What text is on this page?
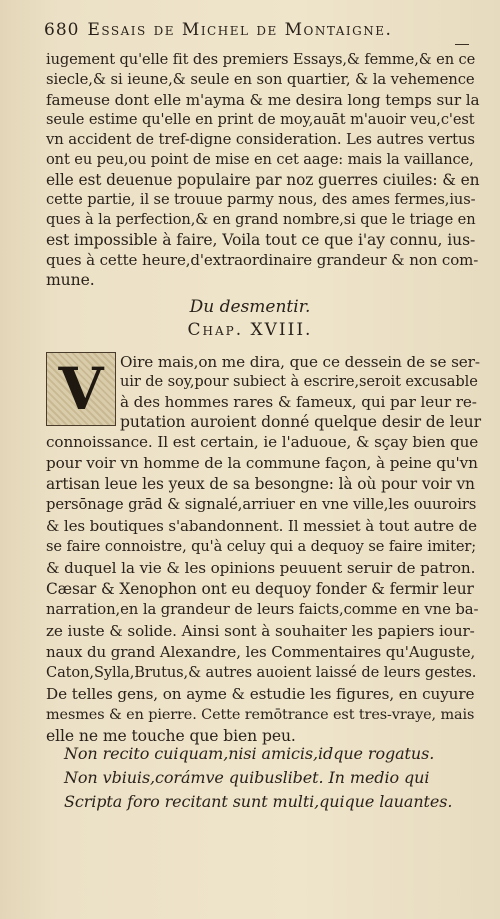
680 Essais de Michel de Montaigne.
iugement qu'elle fit des premiers Essays,& femme,& en ce
siecle,& si ieune,& seule en son quartier, & la vehemence
fameuse dont elle m'ayma & me desira long temps sur la
seule estime qu'elle en print de moy,auāt m'auoir veu,c'est
vn accident de tref-digne consideration. Les autres vertus
ont eu peu,ou point de mise en cet aage: mais la vaillance,
elle est deuenue populaire par noz guerres ciuiles: & en
cette partie, il se trouue parmy nous, des ames fermes,ius-
ques à la perfection,& en grand nombre,si que le triage en
est impossible à faire, Voila tout ce que i'ay connu, ius-
ques à cette heure,d'extraordinaire grandeur & non com-
mune.
Du desmentir.
Chap. XVIII.
V Oire mais,on me dira, que ce dessein de se ser-
uir de soy,pour subiect à escrire,seroit excusable
à des hommes rares & fameux, qui par leur re-
putation auroient donné quelque desir de leur
connoissance. Il est certain, ie l'aduoue, & sçay bien que
pour voir vn homme de la commune façon, à peine qu'vn
artisan leue les yeux de sa besongne: là où pour voir vn
persōnage grād & signalé,arriuer en vne ville,les ouuroirs
& les boutiques s'abandonnent. Il messiet à tout autre de
se faire connoistre, qu'à celuy qui a dequoy se faire imiter;
& duquel la vie & les opinions peuuent seruir de patron.
Cæsar & Xenophon ont eu dequoy fonder & fermir leur
narration,en la grandeur de leurs faicts,comme en vne ba-
ze iuste & solide. Ainsi sont à souhaiter les papiers iour-
naux du grand Alexandre, les Commentaires qu'Auguste,
Caton,Sylla,Brutus,& autres auoient laissé de leurs gestes.
De telles gens, on ayme & estudie les figures, en cuyure
mesmes & en pierre. Cette remōtrance est tres-vraye, mais
elle ne me touche que bien peu.
Non recito cuiquam,nisi amicis,idque rogatus.
Non vbiuis,corámve quibuslibet. In medio qui
Scripta foro recitant sunt multi,quique lauantes.
